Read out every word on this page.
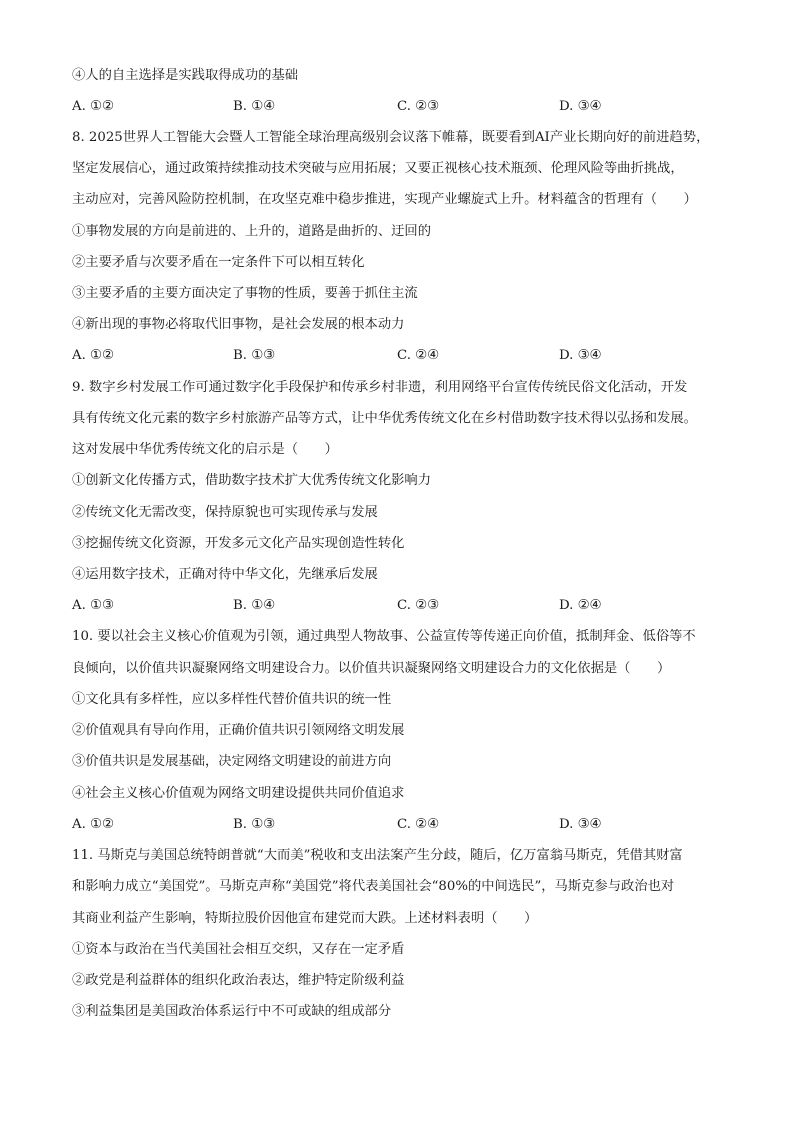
④人的自主选择是实践取得成功的基础
A. ①②	B. ①④	C. ②③	D. ③④
8. 2025世界人工智能大会暨人工智能全球治理高级别会议落下帷幕，既要看到AI产业长期向好的前进趋势，
坚定发展信心，通过政策持续推动技术突破与应用拓展；又要正视核心技术瓶颈、伦理风险等曲折挑战，
主动应对，完善风险防控机制，在攻坚克难中稳步推进，实现产业螺旋式上升。材料蕴含的哲理有（　　）
①事物发展的方向是前进的、上升的，道路是曲折的、迂回的
②主要矛盾与次要矛盾在一定条件下可以相互转化
③主要矛盾的主要方面决定了事物的性质，要善于抓住主流
④新出现的事物必将取代旧事物，是社会发展的根本动力
A. ①②	B. ①③	C. ②④	D. ③④
9. 数字乡村发展工作可通过数字化手段保护和传承乡村非遗，利用网络平台宣传传统民俗文化活动，开发
具有传统文化元素的数字乡村旅游产品等方式，让中华优秀传统文化在乡村借助数字技术得以弘扬和发展。
这对发展中华优秀传统文化的启示是（　　）
①创新文化传播方式，借助数字技术扩大优秀传统文化影响力
②传统文化无需改变，保持原貌也可实现传承与发展
③挖掘传统文化资源，开发多元文化产品实现创造性转化
④运用数字技术，正确对待中华文化，先继承后发展
A. ①③	B. ①④	C. ②③	D. ②④
10. 要以社会主义核心价值观为引领，通过典型人物故事、公益宣传等传递正向价值，抵制拜金、低俗等不
良倾向，以价值共识凝聚网络文明建设合力。以价值共识凝聚网络文明建设合力的文化依据是（　　）
①文化具有多样性，应以多样性代替价值共识的统一性
②价值观具有导向作用，正确价值共识引领网络文明发展
③价值共识是发展基础，决定网络文明建设的前进方向
④社会主义核心价值观为网络文明建设提供共同价值追求
A. ①②	B. ①③	C. ②④	D. ③④
11. 马斯克与美国总统特朗普就“大而美”税收和支出法案产生分歧，随后，亿万富翁马斯克，凭借其财富
和影响力成立“美国党”。马斯克声称“美国党”将代表美国社会“80%的中间选民”，马斯克参与政治也对
其商业利益产生影响，特斯拉股价因他宣布建党而大跌。上述材料表明（　　）
①资本与政治在当代美国社会相互交织，又存在一定矛盾
②政党是利益群体的组织化政治表达，维护特定阶级利益
③利益集团是美国政治体系运行中不可或缺的组成部分
